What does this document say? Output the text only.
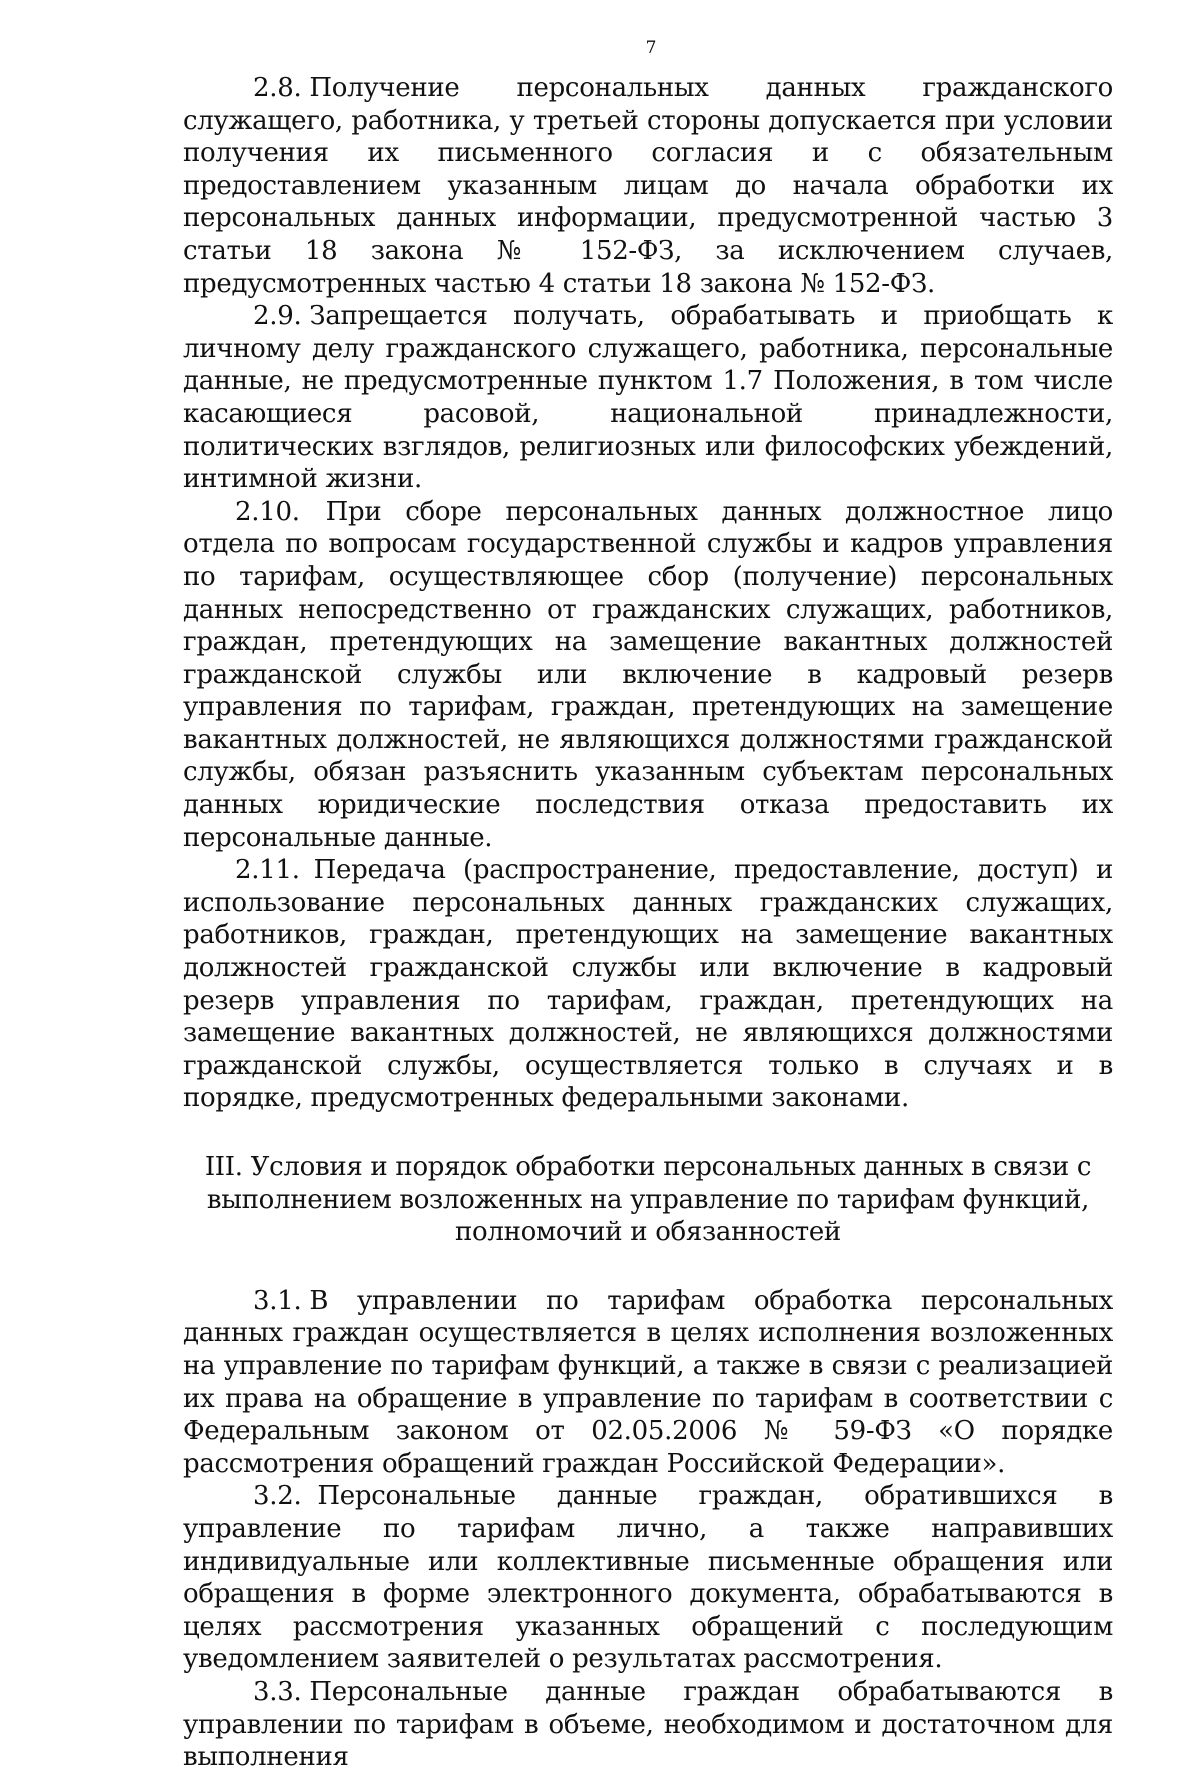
7

2.8. Получение персональных данных гражданского служащего, работника, у третьей стороны допускается при условии получения их письменного согласия и с обязательным предоставлением указанным лицам до начала обработки их персональных данных информации, предусмотренной частью 3 статьи 18 закона № 152-ФЗ, за исключением случаев, предусмотренных частью 4 статьи 18 закона № 152-ФЗ.

2.9. Запрещается получать, обрабатывать и приобщать к личному делу гражданского служащего, работника, персональные данные, не предусмотренные пунктом 1.7 Положения, в том числе касающиеся расовой, национальной принадлежности, политических взглядов, религиозных или философских убеждений, интимной жизни.

2.10. При сборе персональных данных должностное лицо отдела по вопросам государственной службы и кадров управления по тарифам, осуществляющее сбор (получение) персональных данных непосредственно от гражданских служащих, работников, граждан, претендующих на замещение вакантных должностей гражданской службы или включение в кадровый резерв управления по тарифам, граждан, претендующих на замещение вакантных должностей, не являющихся должностями гражданской службы, обязан разъяснить указанным субъектам персональных данных юридические последствия отказа предоставить их персональные данные.

2.11. Передача (распространение, предоставление, доступ) и использование персональных данных гражданских служащих, работников, граждан, претендующих на замещение вакантных должностей гражданской службы или включение в кадровый резерв управления по тарифам, граждан, претендующих на замещение вакантных должностей, не являющихся должностями гражданской службы, осуществляется только в случаях и в порядке, предусмотренных федеральными законами.

III. Условия и порядок обработки персональных данных в связи с
выполнением возложенных на управление по тарифам функций,
полномочий и обязанностей

3.1. В управлении по тарифам обработка персональных данных граждан осуществляется в целях исполнения возложенных на управление по тарифам функций, а также в связи с реализацией их права на обращение в управление по тарифам в соответствии с Федеральным законом от 02.05.2006 № 59-ФЗ «О порядке рассмотрения обращений граждан Российской Федерации».

3.2. Персональные данные граждан, обратившихся в управление по тарифам лично, а также направивших индивидуальные или коллективные письменные обращения или обращения в форме электронного документа, обрабатываются в целях рассмотрения указанных обращений с последующим уведомлением заявителей о результатах рассмотрения.

3.3. Персональные данные граждан обрабатываются в управлении по тарифам в объеме, необходимом и достаточном для выполнения
